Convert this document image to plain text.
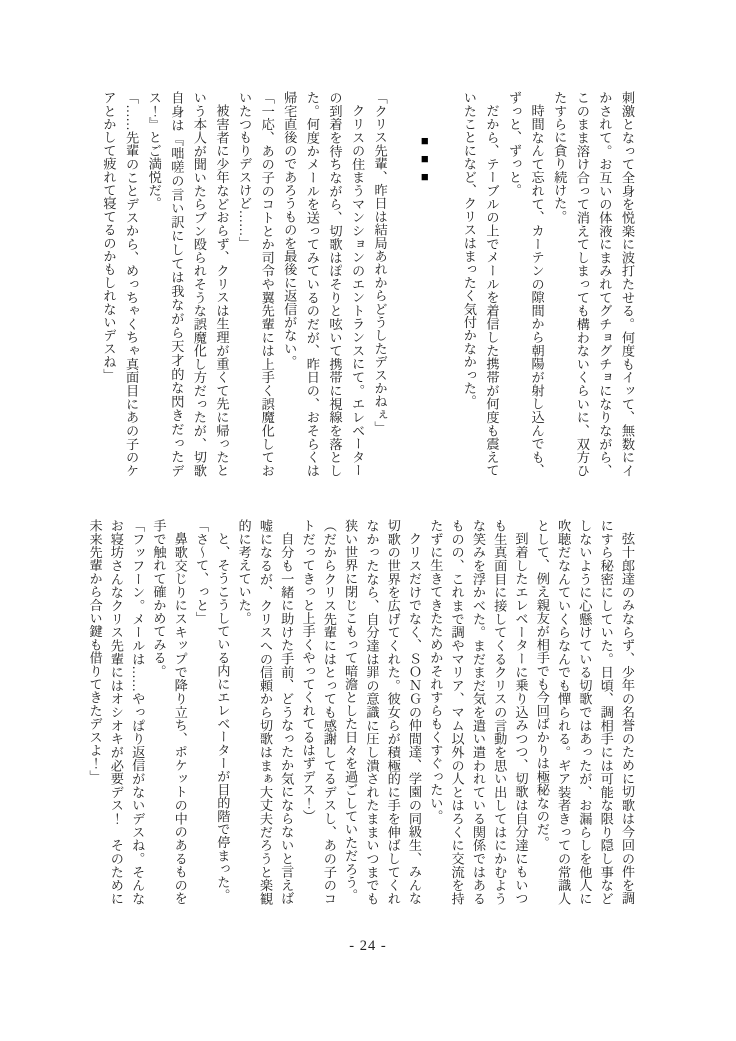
刺激となって全身を悦楽に波打たせる。何度もイッて、無数にイかされて。お互いの体液にまみれてグチョグチョになりながら、このまま溶け合って消えてしまっても構わないくらいに、双方ひたすらに貪り続けた。

時間なんて忘れて、カーテンの隙間から朝陽が射し込んでも、ずっと、ずっと。

だから、テーブルの上でメールを着信した携帯が何度も震えていたことになど、クリスはまったく気付かなかった。

■■■

「クリス先輩、昨日は結局あれからどうしたデスかねぇ」

クリスの住まうマンションのエントランスにて。エレベーターの到着を待ちながら、切歌はぽそりと呟いて携帯に視線を落とした。何度かメールを送ってみているのだが、昨日の、おそらくは帰宅直後のであろうものを最後に返信がない。

「一応、あの子のコトとか司令や翼先輩には上手く誤魔化しておいたつもりデスけど……」

被害者に少年などおらず、クリスは生理が重くて先に帰ったという本人が聞いたらブン殴られそうな誤魔化し方だったが、切歌自身は『咄嗟の言い訳にしては我ながら天才的な閃きだったデス！』とご満悦だ。

「……先輩のことデスから、めっちゃくちゃ真面目にあの子のケアとかして疲れて寝てるのかもしれないデスね」

弦十郎達のみならず、少年の名誉のために切歌は今回の件を調にすら秘密にしていた。日頃、調相手には可能な限り隠し事などしないように心懸けている切歌ではあったが、お漏らしを他人に吹聴だなんていくらなんでも憚られる。ギア装者きっての常識人として、例え親友が相手でも今回ばかりは極秘なのだ。

到着したエレベーターに乗り込みつつ、切歌は自分達にもいつも生真面目に接してくるクリスの言動を思い出してはにかむような笑みを浮かべた。まだまだ気を遣い遣われている関係ではあるものの、これまで調やマリア、マム以外の人とはろくに交流を持たずに生きてきたためかそれすらもくすぐったい。

クリスだけでなく、ＳＯＮＧの仲間達、学園の同級生、みんな切歌の世界を広げてくれた。彼女らが積極的に手を伸ばしてくれなかったなら、自分達は罪の意識に圧し潰されたままいつまでも狭い世界に閉じこもって暗澹とした日々を過ごしていただろう。

（だからクリス先輩にはとっても感謝してるデスし、あの子のコトだってきっと上手くやってくれてるはずデス！）

自分も一緒に助けた手前、どうなったか気にならないと言えば嘘になるが、クリスへの信頼から切歌はまぁ大丈夫だろうと楽観的に考えていた。

と、そうこうしている内にエレベーターが目的階で停まった。

「さ〜て、っと」

鼻歌交じりにスキップで降り立ち、ポケットの中のあるものを手で触れて確かめてみる。

「フッフーン。メールは……やっぱり返信がないデスね。そんなお寝坊さんなクリス先輩にはオシオキが必要デス！　そのために未来先輩から合い鍵も借りてきたデスよ！」

- 24 -
